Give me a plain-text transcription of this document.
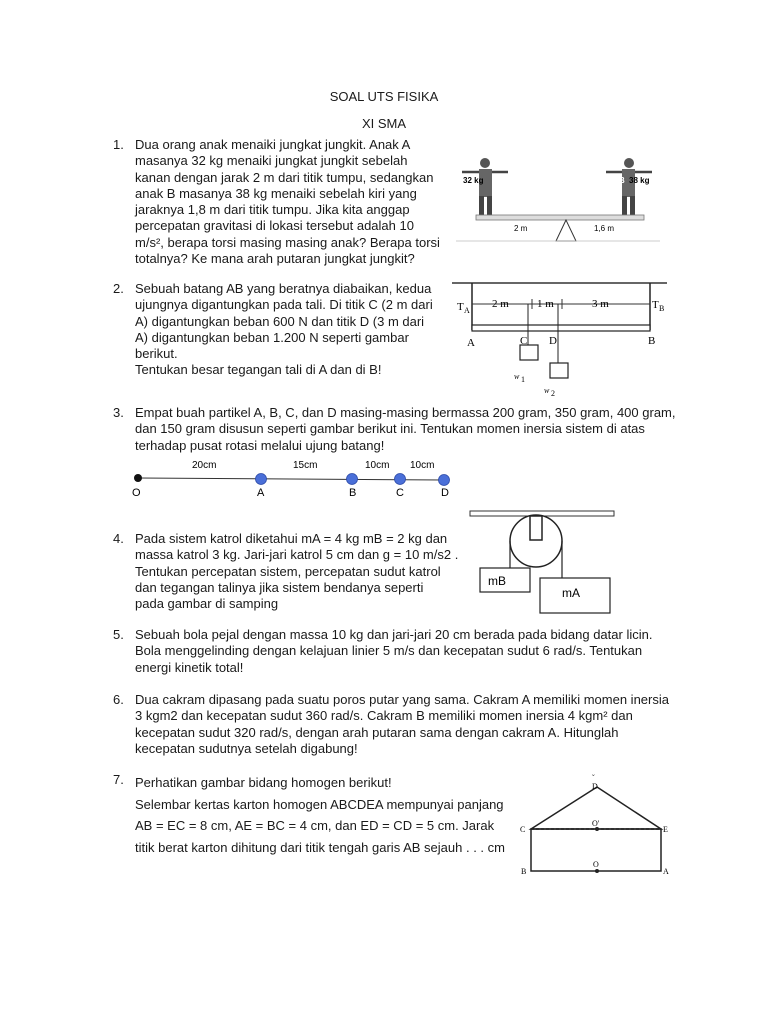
SOAL UTS FISIKA
XI SMA
1. Dua orang anak menaiki jungkat jungkit. Anak A
masanya 32 kg menaiki jungkat jungkit sebelah
kanan dengan jarak 2 m dari titik tumpu, sedangkan
anak B masanya 38 kg menaiki sebelah kiri yang
jaraknya 1,8 m dari titik tumpu. Jika kita anggap
percepatan gravitasi di lokasi tersebut adalah 10
m/s², berapa torsi masing masing anak? Berapa torsi
totalnya? Ke mana arah putaran jungkat jungkit?
32 kg A	B 38 kg
2 m	1,6 m
2. Sebuah batang AB yang beratnya diabaikan, kedua
ujungnya digantungkan pada tali. Di titik C (2 m dari
A) digantungkan beban 600 N dan titik D (3 m dari
A) digantungkan beban 1.200 N seperti gambar
berikut.
Tentukan besar tegangan tali di A dan di B!
T A	T B
2 m	1 m	3 m
A	C D	B
w 1
w 2
3. Empat buah partikel A, B, C, dan D masing-masing bermassa 200 gram, 350 gram, 400 gram,
dan 150 gram disusun seperti gambar berikut ini. Tentukan momen inersia sistem di atas
terhadap pusat rotasi melalui ujung batang!
20cm	15cm	10cm 10cm
O	A	B	C	D
4. Pada sistem katrol diketahui mA = 4 kg mB = 2 kg dan
massa katrol 3 kg. Jari-jari katrol 5 cm dan g = 10 m/s2 .
Tentukan percepatan sistem, percepatan sudut katrol
dan tegangan talinya jika sistem bendanya seperti
pada gambar di samping
mB
mA
5. Sebuah bola pejal dengan massa 10 kg dan jari-jari 20 cm berada pada bidang datar licin.
Bola menggelinding dengan kelajuan linier 5 m/s dan kecepatan sudut 6 rad/s. Tentukan
energi kinetik total!
6. Dua cakram dipasang pada suatu poros putar yang sama. Cakram A memiliki momen inersia
3 kgm2 dan kecepatan sudut 360 rad/s. Cakram B memiliki momen inersia 4 kgm² dan
kecepatan sudut 320 rad/s, dengan arah putaran sama dengan cakram A. Hitunglah
kecepatan sudutnya setelah digabung!
7. Perhatikan gambar bidang homogen berikut!
Selembar kertas karton homogen ABCDEA mempunyai panjang
AB = EC = 8 cm, AE = BC = 4 cm, dan ED = CD = 5 cm. Jarak
titik berat karton dihitung dari titik tengah garis AB sejauh . . . cm
˘
D
C
O'
E
B
O
A
